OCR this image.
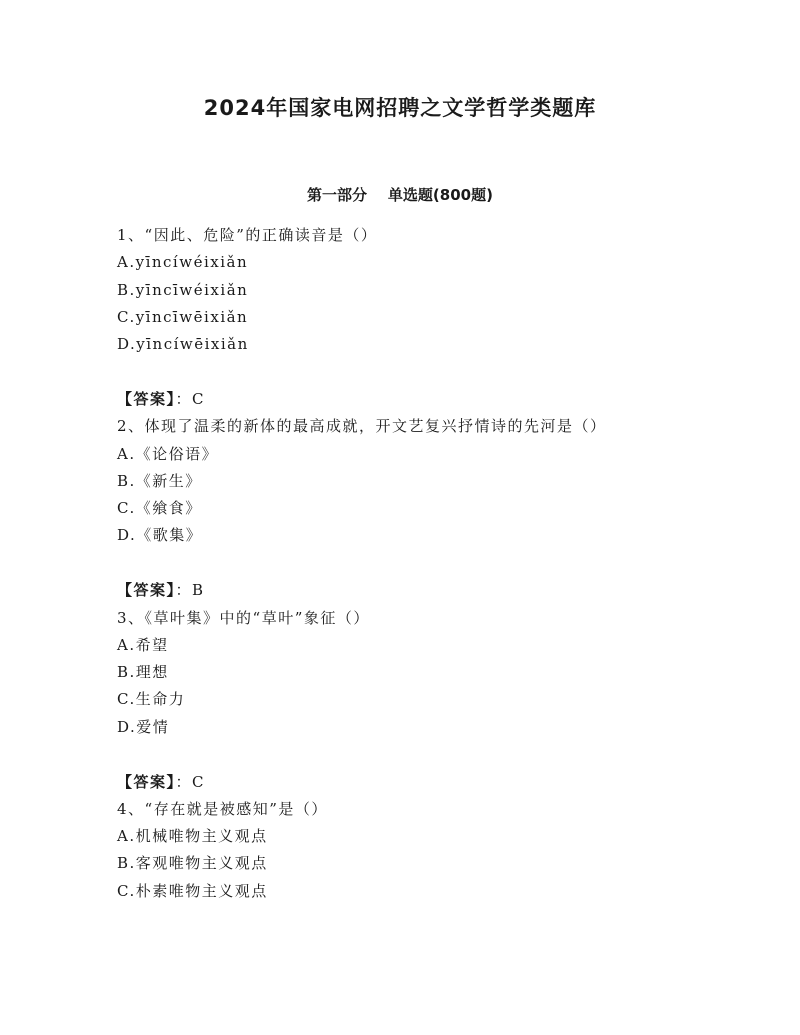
2024年国家电网招聘之文学哲学类题库
第一部分    单选题(800题)
1、“因此、危险”的正确读音是（）
A.yīncíwéixiǎn
B.yīncīwéixiǎn
C.yīncīwēixiǎn
D.yīncíwēixiǎn
【答案】：C
2、体现了温柔的新体的最高成就，开文艺复兴抒情诗的先河是（）
A.《论俗语》
B.《新生》
C.《飨食》
D.《歌集》
【答案】：B
3、《草叶集》中的“草叶”象征（）
A.希望
B.理想
C.生命力
D.爱情
【答案】：C
4、“存在就是被感知”是（）
A.机械唯物主义观点
B.客观唯物主义观点
C.朴素唯物主义观点
